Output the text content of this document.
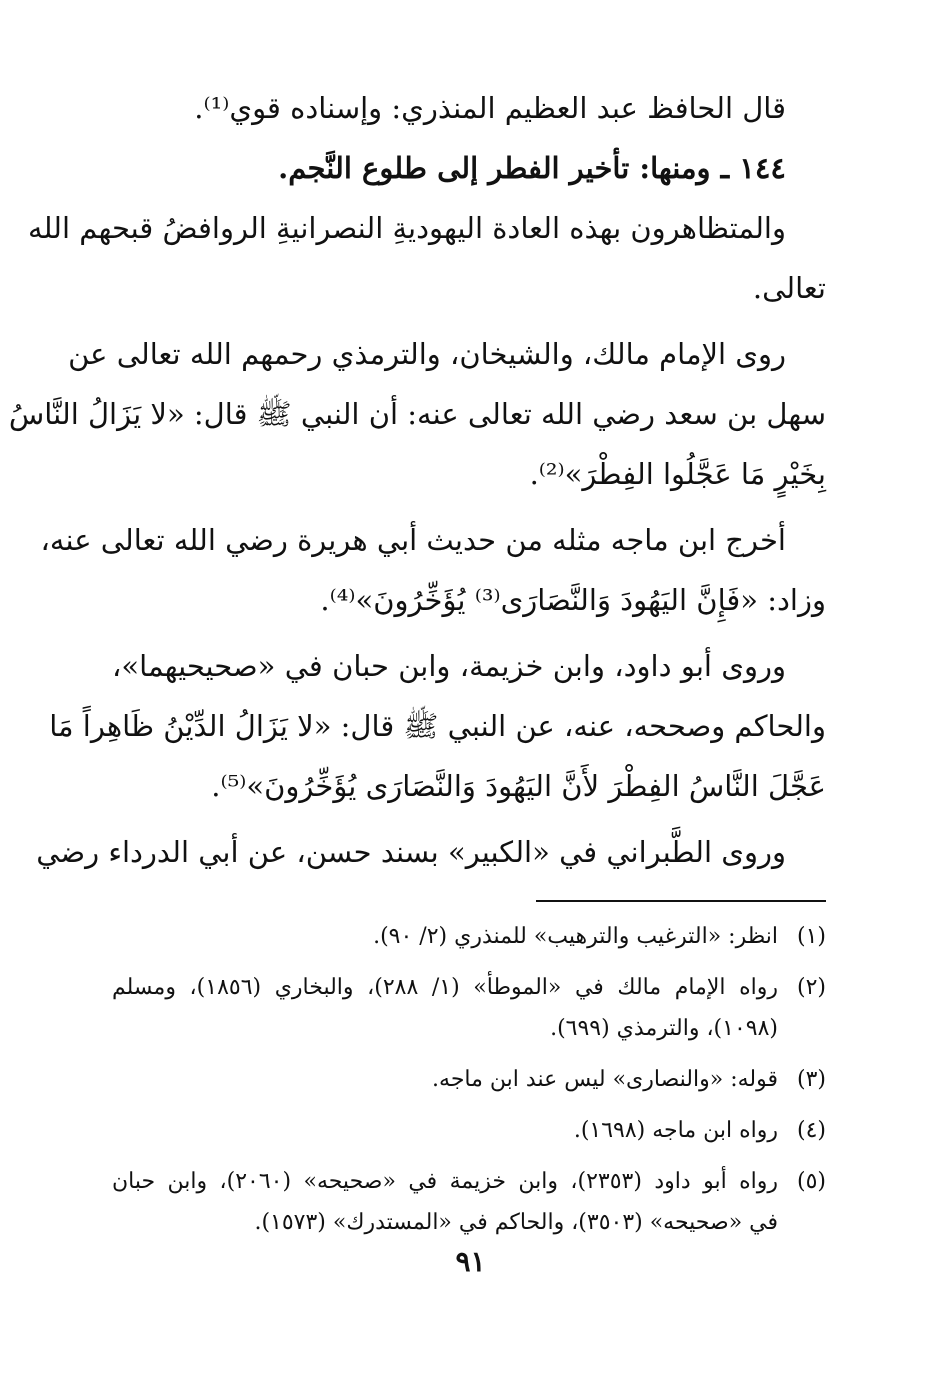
قال الحافظ عبد العظيم المنذري: وإسناده قوي⁽¹⁾.
١٤٤ ـ ومنها: تأخير الفطر إلى طلوع النَّجم.
والمتظاهرون بهذه العادة اليهوديةِ النصرانيةِ الروافضُ قبحهم الله
تعالى.
روى الإمام مالك، والشيخان، والترمذي رحمهم الله تعالى عن
سهل بن سعد رضي الله تعالى عنه: أن النبي ﷺ قال: «لا يَزَالُ النَّاسُ
بِخَيْرٍ مَا عَجَّلُوا الفِطْرَ»⁽²⁾.
أخرج ابن ماجه مثله من حديث أبي هريرة رضي الله تعالى عنه،
وزاد: «فَإِنَّ اليَهُودَ وَالنَّصَارَى⁽³⁾ يُؤَخِّرُونَ»⁽⁴⁾.
وروى أبو داود، وابن خزيمة، وابن حبان في «صحيحيهما»،
والحاكم وصححه، عنه، عن النبي ﷺ قال: «لا يَزَالُ الدِّيْنُ ظَاهِراً مَا
عَجَّلَ النَّاسُ الفِطْرَ لأَنَّ اليَهُودَ وَالنَّصَارَى يُؤَخِّرُونَ»⁽⁵⁾.
وروى الطَّبراني في «الكبير» بسند حسن، عن أبي الدرداء رضي
(١)
انظر: «الترغيب والترهيب» للمنذري (٢/ ٩٠).
(٢)
رواه الإمام مالك في «الموطأ» (١/ ٢٨٨)، والبخاري (١٨٥٦)، ومسلم
(١٠٩٨)، والترمذي (٦٩٩).
(٣)
قوله: «والنصارى» ليس عند ابن ماجه.
(٤)
رواه ابن ماجه (١٦٩٨).
(٥)
رواه أبو داود (٢٣٥٣)، وابن خزيمة في «صحيحه» (٢٠٦٠)، وابن حبان
في «صحيحه» (٣٥٠٣)، والحاكم في «المستدرك» (١٥٧٣).
٩١
